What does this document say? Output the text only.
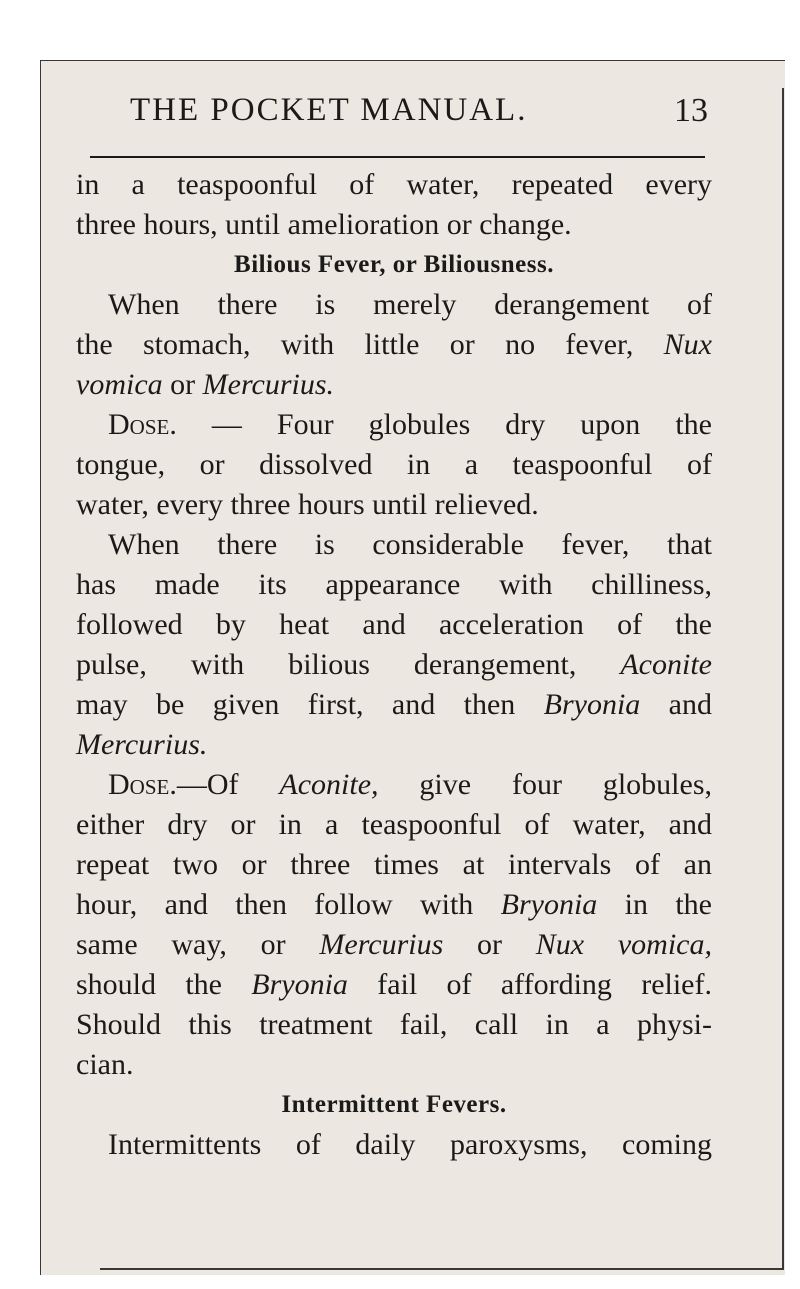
THE POCKET MANUAL.	13
in a teaspoonful of water, repeated every
three hours, until amelioration or change.
Bilious Fever, or Biliousness.
When there is merely derangement of
the stomach, with little or no fever, Nux
vomica or Mercurius.
Dose. — Four globules dry upon the
tongue, or dissolved in a teaspoonful of
water, every three hours until relieved.
When there is considerable fever, that
has made its appearance with chilliness,
followed by heat and acceleration of the
pulse, with bilious derangement, Aconite
may be given first, and then Bryonia and
Mercurius.
Dose.—Of Aconite, give four globules,
either dry or in a teaspoonful of water, and
repeat two or three times at intervals of an
hour, and then follow with Bryonia in the
same way, or Mercurius or Nux vomica,
should the Bryonia fail of affording relief.
Should this treatment fail, call in a physi-
cian.
Intermittent Fevers.
Intermittents of daily paroxysms, coming
